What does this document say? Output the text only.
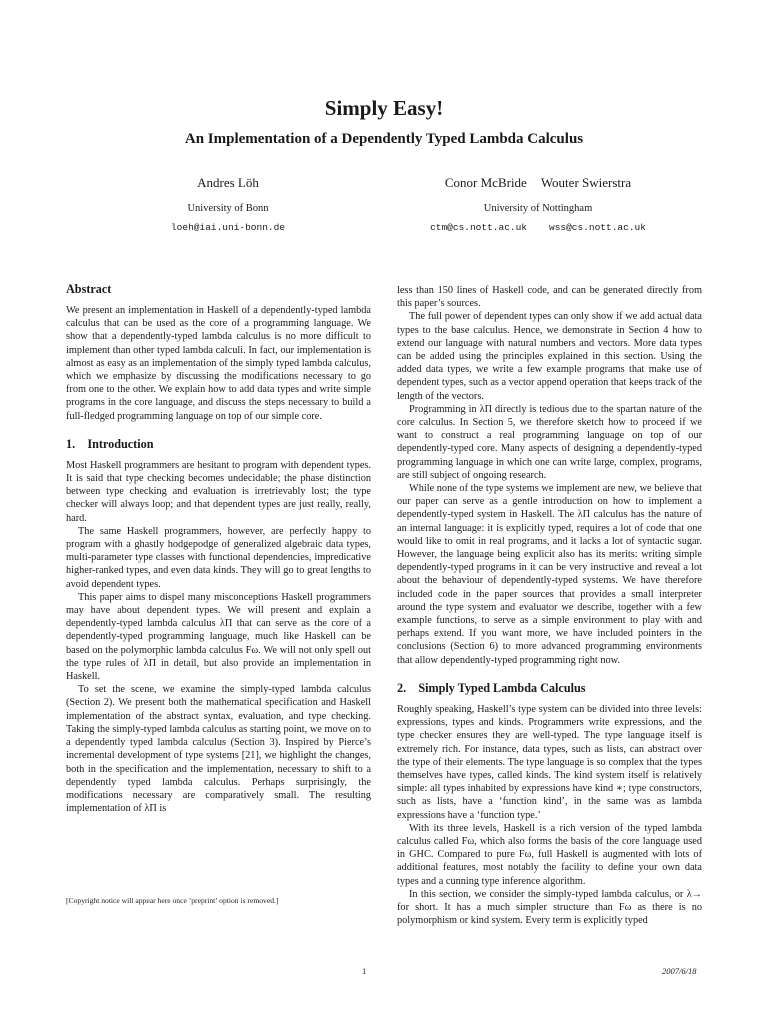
Simply Easy!
An Implementation of a Dependently Typed Lambda Calculus
Andres Löh
University of Bonn
loeh@iai.uni-bonn.de
Conor McBride Wouter Swierstra
University of Nottingham
ctm@cs.nott.ac.uk wss@cs.nott.ac.uk
Abstract

We present an implementation in Haskell of a dependently-typed lambda calculus that can be used as the core of a programming language. We show that a dependently-typed lambda calculus is no more difficult to implement than other typed lambda calculi. In fact, our implementation is almost as easy as an implementation of the simply typed lambda calculus, which we emphasize by discussing the modifications necessary to go from one to the other. We explain how to add data types and write simple programs in the core language, and discuss the steps necessary to build a full-fledged programming language on top of our simple core.

1. Introduction

Most Haskell programmers are hesitant to program with dependent types. It is said that type checking becomes undecidable; the phase distinction between type checking and evaluation is irretrievably lost; the type checker will always loop; and that dependent types are just really, really, hard.

The same Haskell programmers, however, are perfectly happy to program with a ghastly hodgepodge of generalized algebraic data types, multi-parameter type classes with functional dependencies, impredicative higher-ranked types, and even data kinds. They will go to great lengths to avoid dependent types.

This paper aims to dispel many misconceptions Haskell programmers may have about dependent types. We will present and explain a dependently-typed lambda calculus λΠ that can serve as the core of a dependently-typed programming language, much like Haskell can be based on the polymorphic lambda calculus Fω. We will not only spell out the type rules of λΠ in detail, but also provide an implementation in Haskell.

To set the scene, we examine the simply-typed lambda calculus (Section 2). We present both the mathematical specification and Haskell implementation of the abstract syntax, evaluation, and type checking. Taking the simply-typed lambda calculus as starting point, we move on to a dependently typed lambda calculus (Section 3). Inspired by Pierce’s incremental development of type systems [21], we highlight the changes, both in the specification and the implementation, necessary to shift to a dependently typed lambda calculus. Perhaps surprisingly, the modifications necessary are comparatively small. The resulting implementation of λΠ is

less than 150 lines of Haskell code, and can be generated directly from this paper’s sources.

The full power of dependent types can only show if we add actual data types to the base calculus. Hence, we demonstrate in Section 4 how to extend our language with natural numbers and vectors. More data types can be added using the principles explained in this section. Using the added data types, we write a few example programs that make use of dependent types, such as a vector append operation that keeps track of the length of the vectors.

Programming in λΠ directly is tedious due to the spartan nature of the core calculus. In Section 5, we therefore sketch how to proceed if we want to construct a real programming language on top of our dependently-typed core. Many aspects of designing a dependently-typed programming language in which one can write large, complex, programs, are still subject of ongoing research.

While none of the type systems we implement are new, we believe that our paper can serve as a gentle introduction on how to implement a dependently-typed system in Haskell. The λΠ calculus has the nature of an internal language: it is explicitly typed, requires a lot of code that one would like to omit in real programs, and it lacks a lot of syntactic sugar. However, the language being explicit also has its merits: writing simple dependently-typed programs in it can be very instructive and reveal a lot about the behaviour of dependently-typed systems. We have therefore included code in the paper sources that provides a small interpreter around the type system and evaluator we describe, together with a few example functions, to serve as a simple environment to play with and perhaps extend. If you want more, we have included pointers in the conclusions (Section 6) to more advanced programming environments that allow dependently-typed programming right now.

2. Simply Typed Lambda Calculus

Roughly speaking, Haskell’s type system can be divided into three levels: expressions, types and kinds. Programmers write expressions, and the type checker ensures they are well-typed. The type language itself is extremely rich. For instance, data types, such as lists, can abstract over the type of their elements. The type language is so complex that the types themselves have types, called kinds. The kind system itself is relatively simple: all types inhabited by expressions have kind ∗; type constructors, such as lists, have a ‘function kind’, in the same was as lambda expressions have a ‘function type.’

With its three levels, Haskell is a rich version of the typed lambda calculus called Fω, which also forms the basis of the core language used in GHC. Compared to pure Fω, full Haskell is augmented with lots of additional features, most notably the facility to define your own data types and a cunning type inference algorithm.

In this section, we consider the simply-typed lambda calculus, or λ→ for short. It has a much simpler structure than Fω as there is no polymorphism or kind system. Every term is explicitly typed

[Copyright notice will appear here once ’preprint’ option is removed.]
1	2007/6/18
